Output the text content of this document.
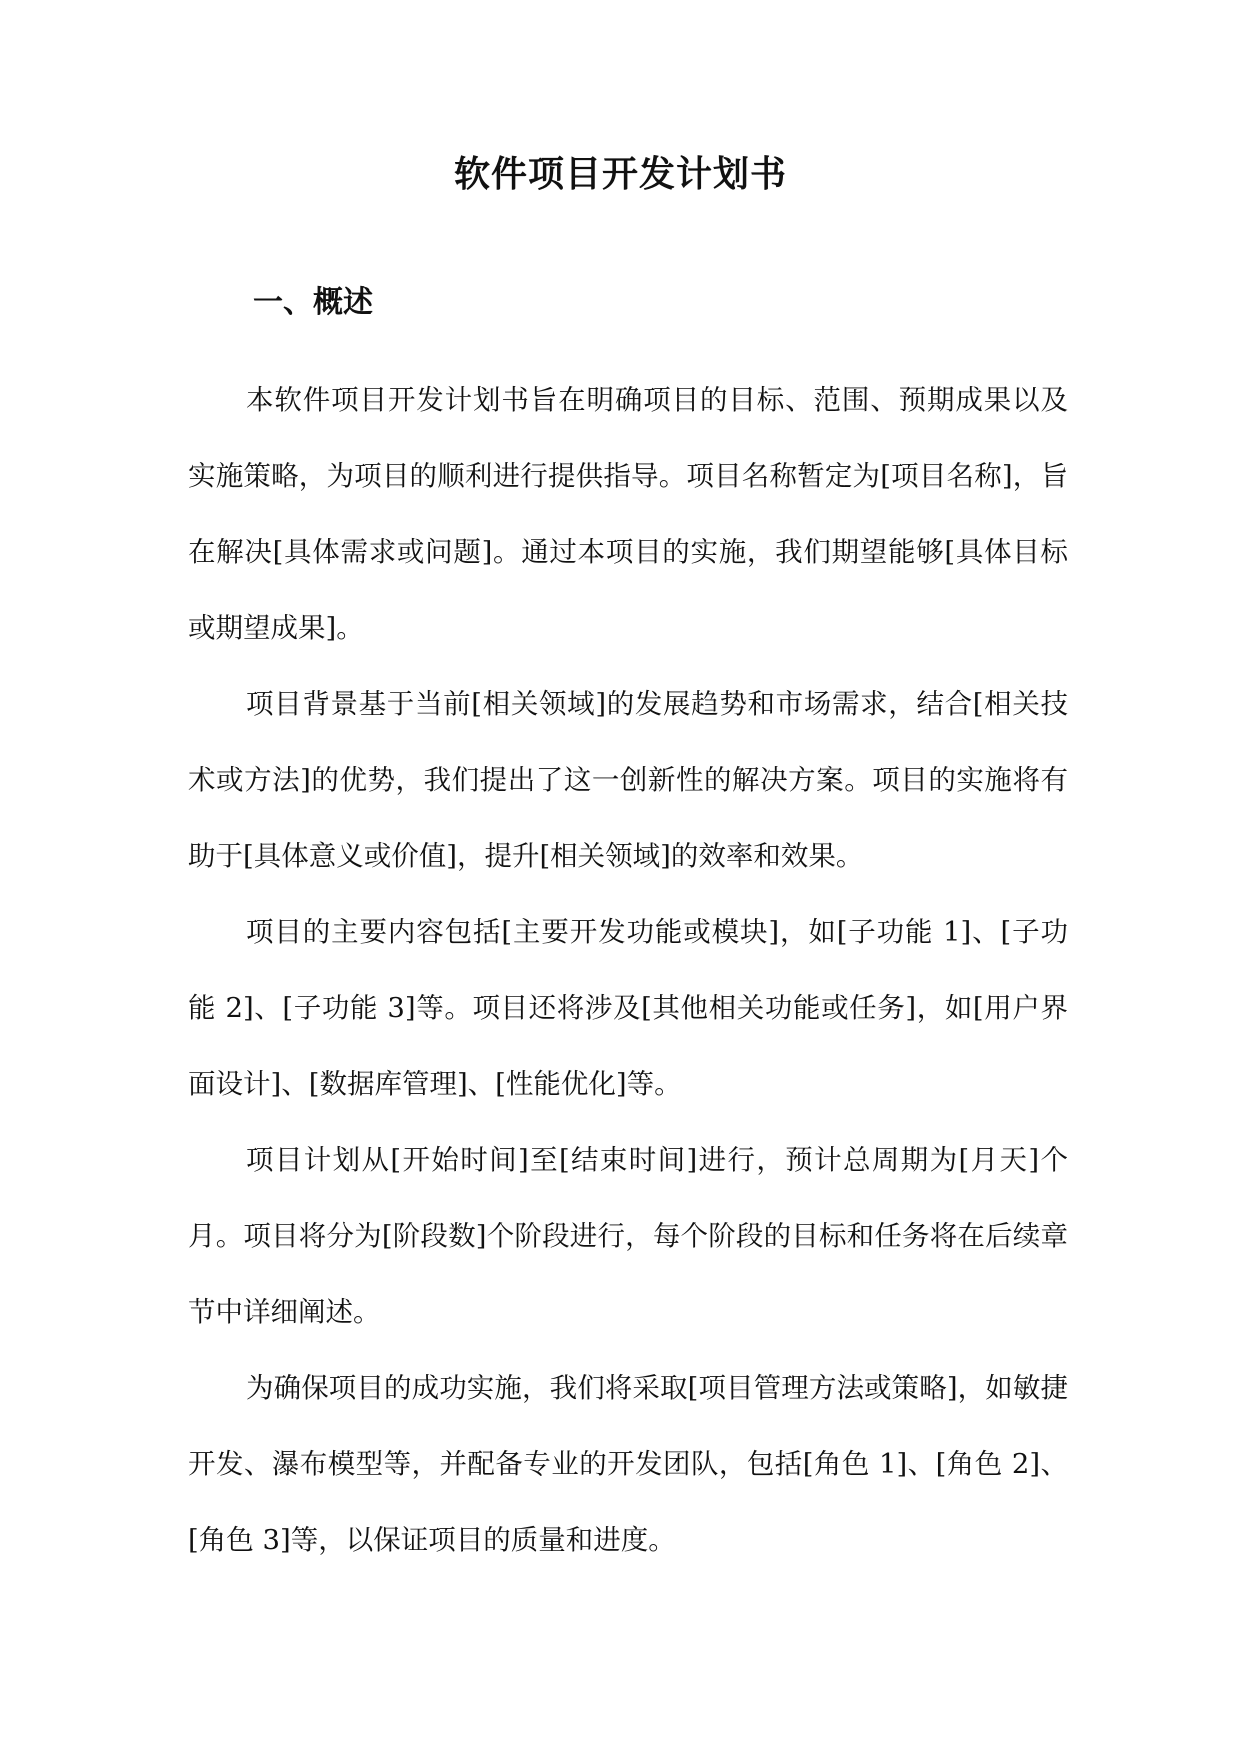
软件项目开发计划书
一、概述

本软件项目开发计划书旨在明确项目的目标、范围、预期成果以及实施策略，为项目的顺利进行提供指导。项目名称暂定为[项目名称]，旨在解决[具体需求或问题]。通过本项目的实施，我们期望能够[具体目标或期望成果]。

项目背景基于当前[相关领域]的发展趋势和市场需求，结合[相关技术或方法]的优势，我们提出了这一创新性的解决方案。项目的实施将有助于[具体意义或价值]，提升[相关领域]的效率和效果。

项目的主要内容包括[主要开发功能或模块]，如[子功能 1]、[子功能 2]、[子功能 3]等。项目还将涉及[其他相关功能或任务]，如[用户界面设计]、[数据库管理]、[性能优化]等。

项目计划从[开始时间]至[结束时间]进行，预计总周期为[月天]个月。项目将分为[阶段数]个阶段进行，每个阶段的目标和任务将在后续章节中详细阐述。

为确保项目的成功实施，我们将采取[项目管理方法或策略]，如敏捷开发、瀑布模型等，并配备专业的开发团队，包括[角色 1]、[角色 2]、[角色 3]等，以保证项目的质量和进度。
